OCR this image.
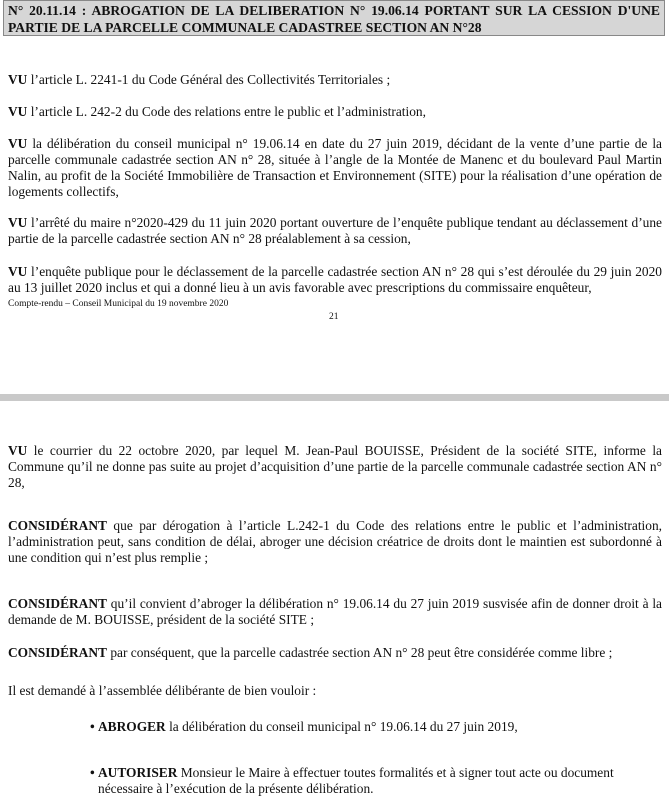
N° 20.11.14 : ABROGATION DE LA DELIBERATION N° 19.06.14 PORTANT SUR LA CESSION D'UNE PARTIE DE LA PARCELLE COMMUNALE CADASTREE SECTION AN N°28
VU l’article L. 2241-1 du Code Général des Collectivités Territoriales ;
VU l’article L. 242-2 du Code des relations entre le public et l’administration,
VU la délibération du conseil municipal n° 19.06.14 en date du 27 juin 2019, décidant de la vente d’une partie de la parcelle communale cadastrée section AN n° 28, située à l’angle de la Montée de Manenc et du boulevard Paul Martin Nalin, au profit de la Société Immobilière de Transaction et Environnement (SITE) pour la réalisation d’une opération de logements collectifs,
VU l’arrêté du maire n°2020-429 du 11 juin 2020 portant ouverture de l’enquête publique tendant au déclassement d’une partie de la parcelle cadastrée section AN n° 28 préalablement à sa cession,
VU l’enquête publique pour le déclassement de la parcelle cadastrée section AN n° 28 qui s’est déroulée du 29 juin 2020 au 13 juillet 2020 inclus et qui a donné lieu à un avis favorable avec prescriptions du commissaire enquêteur,
Compte-rendu – Conseil Municipal du 19 novembre 2020
21
VU le courrier du 22 octobre 2020, par lequel M. Jean-Paul BOUISSE, Président de la société SITE, informe la Commune qu’il ne donne pas suite au projet d’acquisition d’une partie de la parcelle communale cadastrée section AN n° 28,
CONSIDÉRANT que par dérogation à l’article L.242-1 du Code des relations entre le public et l’administration, l’administration peut, sans condition de délai, abroger une décision créatrice de droits dont le maintien est subordonné à une condition qui n’est plus remplie ;
CONSIDÉRANT qu’il convient d’abroger la délibération n° 19.06.14 du 27 juin 2019 susvisée afin de donner droit à la demande de M. BOUISSE, président de la société SITE ;
CONSIDÉRANT par conséquent, que la parcelle cadastrée section AN n° 28 peut être considérée comme libre ;
Il est demandé à l’assemblée délibérante de bien vouloir :
• ABROGER la délibération du conseil municipal n° 19.06.14 du 27 juin 2019,
• AUTORISER Monsieur le Maire à effectuer toutes formalités et à signer tout acte ou document
nécessaire à l’exécution de la présente délibération.
